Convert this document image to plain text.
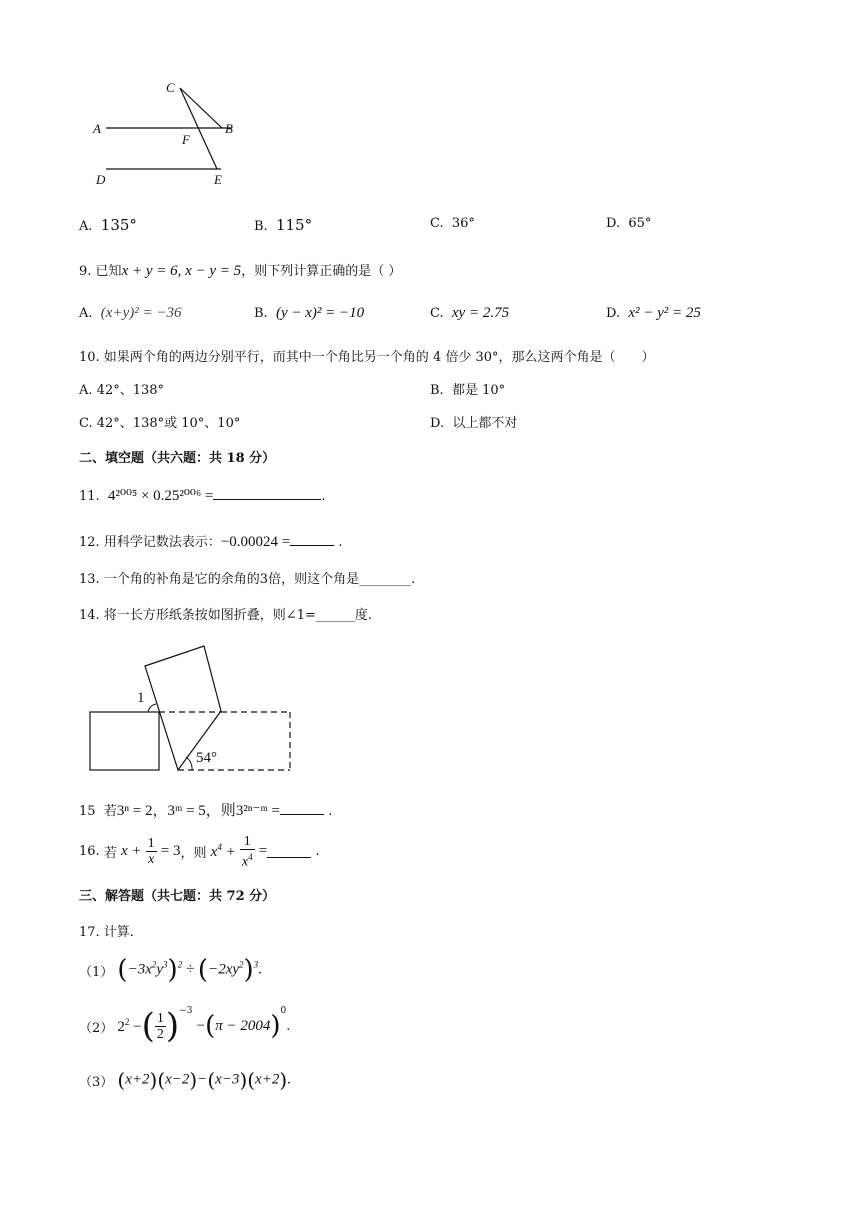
C
A
F
B
D	E
A. 135°	B. 115°	C. 36°	D. 65°
9. 已知x + y = 6, x − y = 5，则下列计算正确的是（ ）
A. (x+y)² = −36	B. (y − x)² = −10	C. xy = 2.75	D. x² − y² = 25
10. 如果两个角的两边分别平行，而其中一个角比另一个角的 4 倍少 30°，那么这两个角是（　　）
A. 42°、138°	B. 都是 10°
C. 42°、138°或 10°、10°	D. 以上都不对
二、填空题（共六题：共 18 分）
11. 4²⁰⁰⁵ × 0.25²⁰⁰⁶ =	.
12. 用科学记数法表示：−0.00024 =	.
13. 一个角的补角是它的余角的3倍，则这个角是________.
14. 将一长方形纸条按如图折叠，则∠1=______度.
1
54°
15 若3ⁿ = 2，3ᵐ = 5，则3²ⁿ⁻ᵐ =	.
16. 若 $x + \frac{1}{x} = 3$，则 $x^4 + \frac{1}{x^4}$ =	.
三、解答题（共七题：共 72 分）
17. 计算.
（1） $(-3x^2y^3)^2 \div (-2xy^2)^3$.
（2） $2^2$ −( $\frac{1}{2} )-3 -(\pi - 2004)0$.
（3） (x+2)(x−2)−(x−3)(x+2).
